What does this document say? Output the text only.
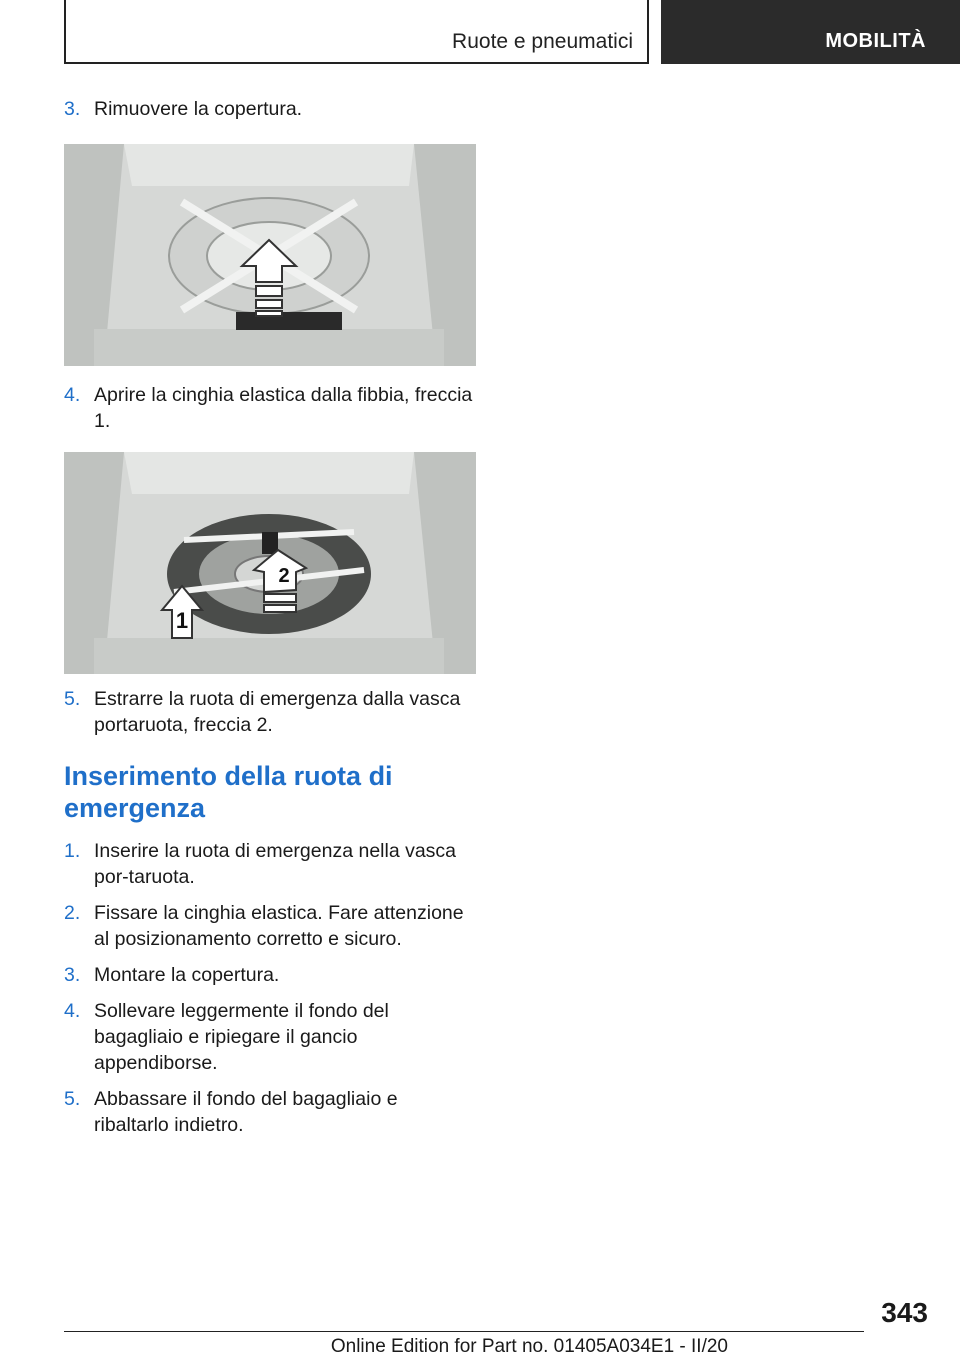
Ruote e pneumatici	MOBILITÀ
3. Rimuovere la copertura.
4. Aprire la cinghia elastica dalla fibbia, freccia 1.
1
2
5. Estrarre la ruota di emergenza dalla vasca portaruota, freccia 2.
Inserimento della ruota di emergenza
1. Inserire la ruota di emergenza nella vasca por‐taruota.
2. Fissare la cinghia elastica. Fare attenzione al posizionamento corretto e sicuro.
3. Montare la copertura.
4. Sollevare leggermente il fondo del bagagliaio e ripiegare il gancio appendiborse.
5. Abbassare il fondo del bagagliaio e ribaltarlo indietro.
343
Online Edition for Part no. 01405A034E1 - II/20
